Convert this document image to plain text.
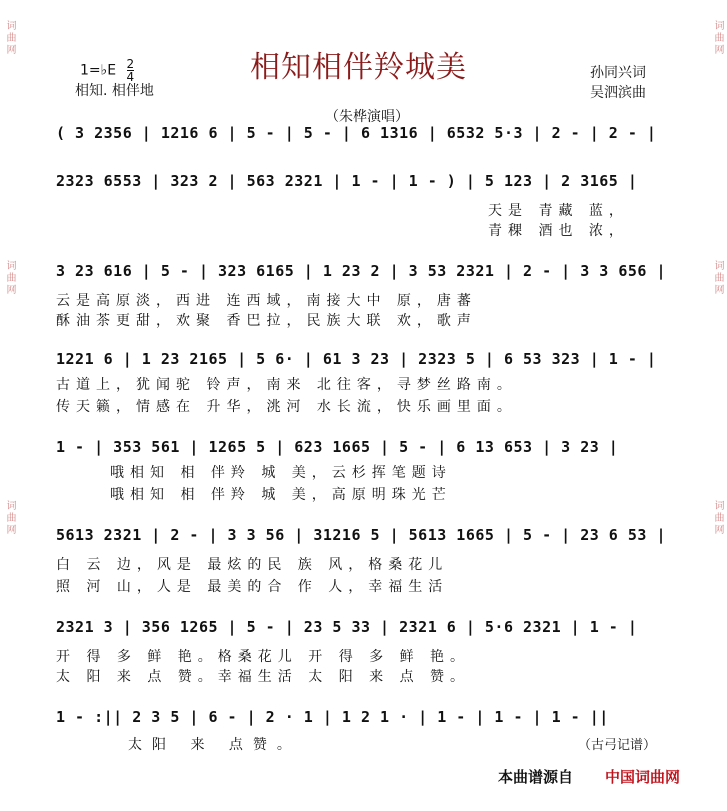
相知相伴羚城美
1=♭E $\frac{2}{4}$
相知. 相伴地
（朱桦演唱）
孙同兴词
吴泗滨曲
词曲网
词曲网
词曲网
词曲网
词曲网
词曲网
( 3 2356 | 1216 6 | 5 - | 5 - | 6 1316 | 6532 5·3 | 2 - | 2 - |
2323 6553 | 323 2 | 563 2321 | 1 - | 1 - ) | 5 123 | 2 3165 |
天是 青藏 蓝，
青稞 酒也 浓，
3 23 616 | 5 - | 323 6165 | 1 23 2 | 3 53 2321 | 2 - | 3 3 656 |
云是高原淡，西进 连西域，南接大中 原，唐蕃
酥油茶更甜，欢聚 香巴拉，民族大联 欢，歌声
1221 6 | 1 23 2165 | 5 6· | 61 3 23 | 2323 5 | 6 53 323 | 1 - |
古道上，犹闻驼 铃声，南来 北往客，寻梦丝路南。
传天籁，情感在 升华，洮河 水长流，快乐画里面。
1 - | 353 561 | 1265 5 | 623 1665 | 5 - | 6 13 653 | 3 23 |
哦相知 相 伴羚 城 美，云杉挥笔题诗
哦相知 相 伴羚 城 美，高原明珠光芒
5613 2321 | 2 - | 3 3 56 | 31216 5 | 5613 1665 | 5 - | 23 6 53 |
白 云 边，风是 最炫的民 族 风，格桑花儿
照 河 山，人是 最美的合 作 人，幸福生活
2321 3 | 356 1265 | 5 - | 23 5 33 | 2321 6 | 5·6 2321 | 1 - |
开 得 多 鲜 艳。格桑花儿 开 得 多 鲜 艳。
太 阳 来 点 赞。幸福生活 太 阳 来 点 赞。
1 - :|| 2 3 5 | 6 - | 2 · 1 | 1 2 1 · | 1 - | 1 - | 1 - ||
太阳 来 点赞。	（古弓记谱）
本曲谱源自 中国词曲网
